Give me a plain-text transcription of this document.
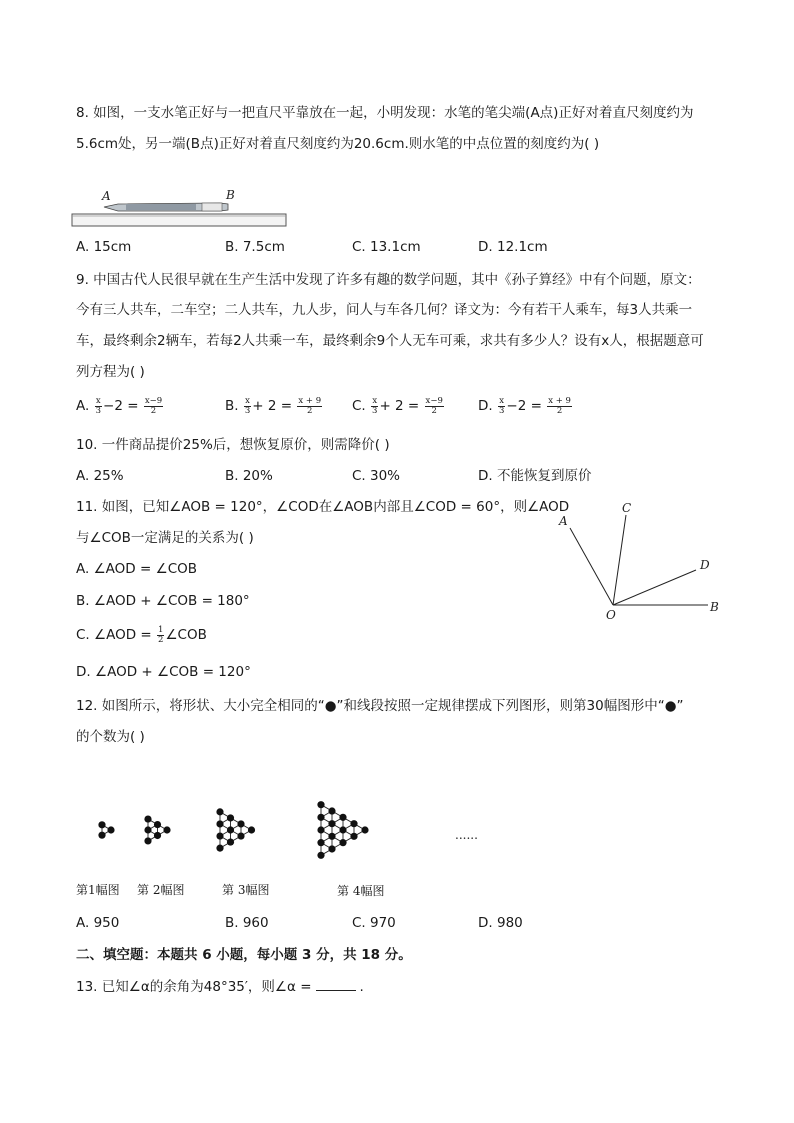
8. 如图，一支水笔正好与一把直尺平靠放在一起，小明发现：水笔的笔尖端(A点)正好对着直尺刻度约为
5.6cm处，另一端(B点)正好对着直尺刻度约为20.6cm.则水笔的中点位置的刻度约为( )
A	B
A. 15cm	B. 7.5cm	C. 13.1cm	D. 12.1cm
9. 中国古代人民很早就在生产生活中发现了许多有趣的数学问题，其中《孙子算经》中有个问题，原文：
今有三人共车，二车空；二人共车，九人步，问人与车各几何？译文为：今有若干人乘车，每3人共乘一
车，最终剩余2辆车，若每2人共乘一车，最终剩余9个人无车可乘，求共有多少人？设有x人，根据题意可
列方程为( )
A. $\frac{x}{3} -2 = \frac{x-9}{2}$	B. $\frac{x}{3} + 2 = \frac{x + 9}{2} C$. $\frac{x}{3} + 2 = \frac{x-9}{2}$	D. $\frac{x}{3} -2 = \frac{x + 9}{2}$
10. 一件商品提价25%后，想恢复原价，则需降价( )
A. 25%	B. 20%	C. 30%	D. 不能恢复到原价
11. 如图，已知∠AOB = 120°，∠COD在∠AOB内部且∠COD = 60°，则∠AOD
与∠COB一定满足的关系为( )
A. ∠AOD = ∠COB
B. ∠AOD + ∠COB = 180°
C. ∠AOD = $\frac{1}{2}$ ∠COB
D. ∠AOD + ∠COB = 120°
A
C
D
B
O
12. 如图所示，将形状、大小完全相同的“●”和线段按照一定规律摆成下列图形，则第30幅图形中“●”
的个数为( )
......
第1幅图 第 2幅图	第 3幅图	第 4幅图
A. 950	B. 960	C. 970	D. 980
二、填空题：本题共 6 小题，每小题 3 分，共 18 分。
13. 已知∠α的余角为48°35′，则∠α =	.
